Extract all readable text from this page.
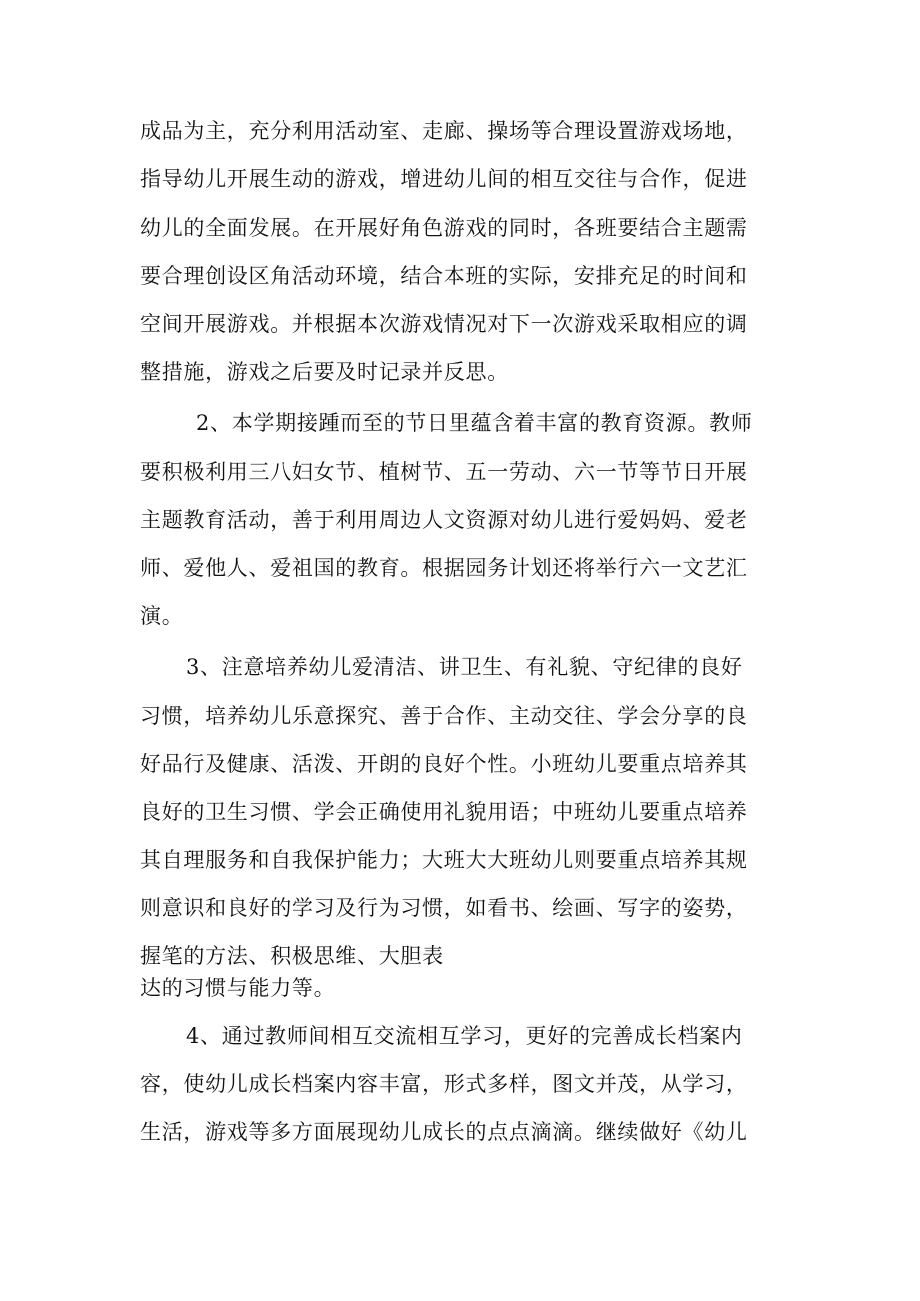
成品为主，充分利用活动室、走廊、操场等合理设置游戏场地，
指导幼儿开展生动的游戏，增进幼儿间的相互交往与合作，促进
幼儿的全面发展。在开展好角色游戏的同时，各班要结合主题需
要合理创设区角活动环境，结合本班的实际，安排充足的时间和
空间开展游戏。并根据本次游戏情况对下一次游戏采取相应的调
整措施，游戏之后要及时记录并反思。
2、本学期接踵而至的节日里蕴含着丰富的教育资源。教师
要积极利用三八妇女节、植树节、五一劳动、六一节等节日开展
主题教育活动，善于利用周边人文资源对幼儿进行爱妈妈、爱老
师、爱他人、爱祖国的教育。根据园务计划还将举行六一文艺汇
演。
3、注意培养幼儿爱清洁、讲卫生、有礼貌、守纪律的良好
习惯，培养幼儿乐意探究、善于合作、主动交往、学会分享的良
好品行及健康、活泼、开朗的良好个性。小班幼儿要重点培养其
良好的卫生习惯、学会正确使用礼貌用语；中班幼儿要重点培养
其自理服务和自我保护能力；大班大大班幼儿则要重点培养其规
则意识和良好的学习及行为习惯，如看书、绘画、写字的姿势，
握笔的方法、积极思维、大胆表
达的习惯与能力等。
4、通过教师间相互交流相互学习，更好的完善成长档案内
容，使幼儿成长档案内容丰富，形式多样，图文并茂，从学习，
生活，游戏等多方面展现幼儿成长的点点滴滴。继续做好《幼儿
